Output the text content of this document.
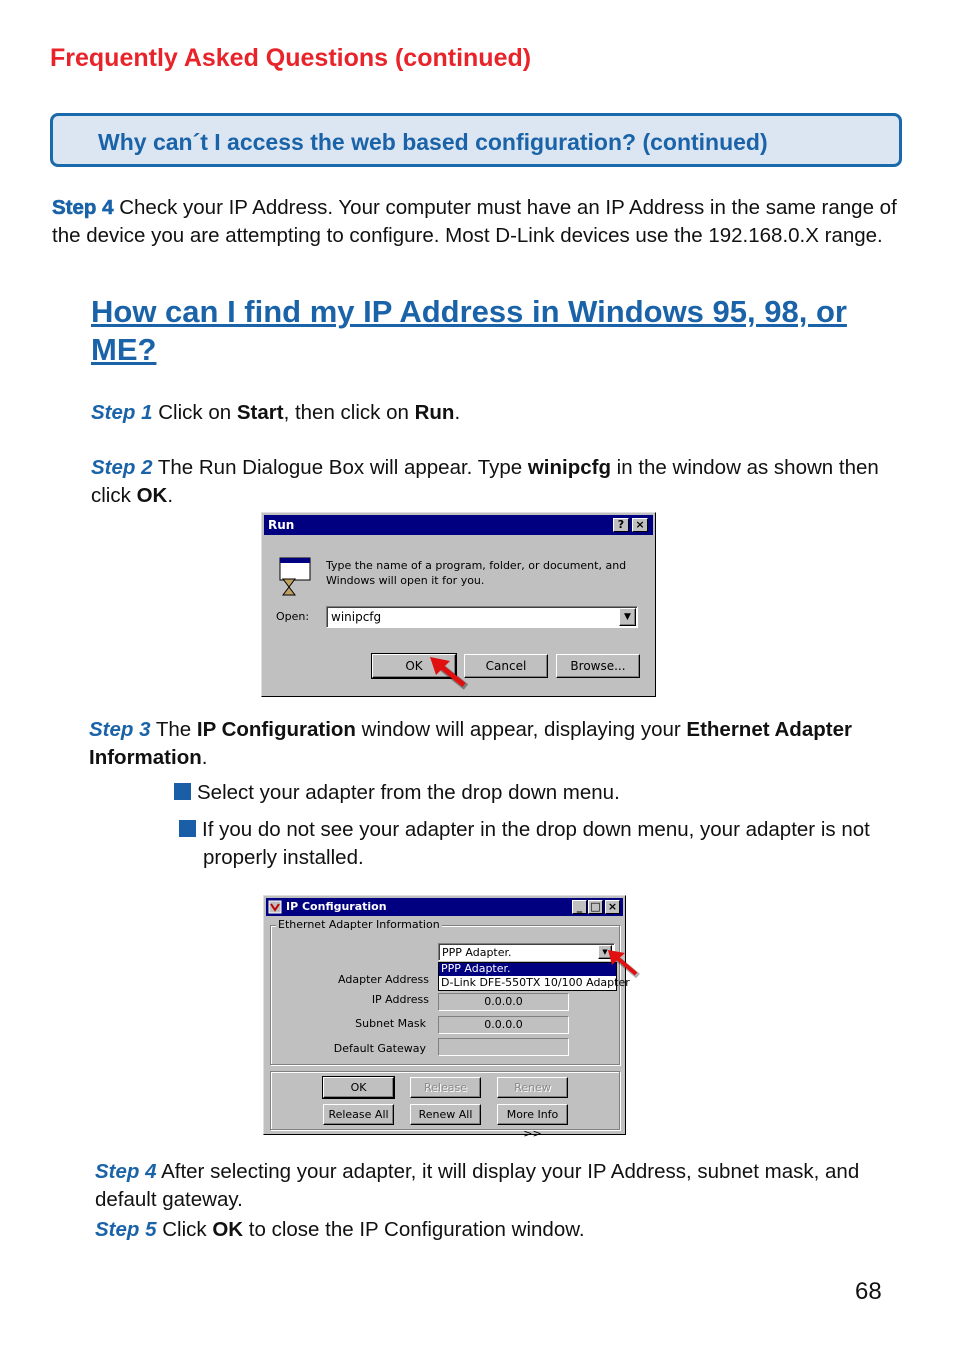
Frequently Asked Questions (continued)
Why can´t I access the web based configuration? (continued)
Step 4 Check your IP Address. Your computer must have an IP Address in the same range of the device you are attempting to configure. Most D-Link devices use the 192.168.0.X range.
How can I find my IP Address in Windows 95, 98, or ME?
Step 1 Click on Start, then click on Run.
Step 2 The Run Dialogue Box will appear. Type winipcfg in the window as shown then click OK.
Run	?	×
Type the name of a program, folder, or document, and Windows will open it for you.
Open: winipcfg	▼
OK	Cancel	Browse...
Step 3 The IP Configuration window will appear, displaying your Ethernet Adapter Information.
Select your adapter from the drop down menu.
If you do not see your adapter in the drop down menu, your adapter is not properly installed.
IP Configuration	_ □ ×
Ethernet Adapter Information
PPP Adapter.	▼
PPP Adapter.
D-Link DFE-550TX 10/100 Adapter
Adapter Address
IP Address	0.0.0.0
Subnet Mask	0.0.0.0
Default Gateway
OK	Release	Renew
Release All	Renew All	More Info >>
Step 4 After selecting your adapter, it will display your IP Address, subnet mask, and default gateway.
Step 5 Click OK to close the IP Configuration window.
68
